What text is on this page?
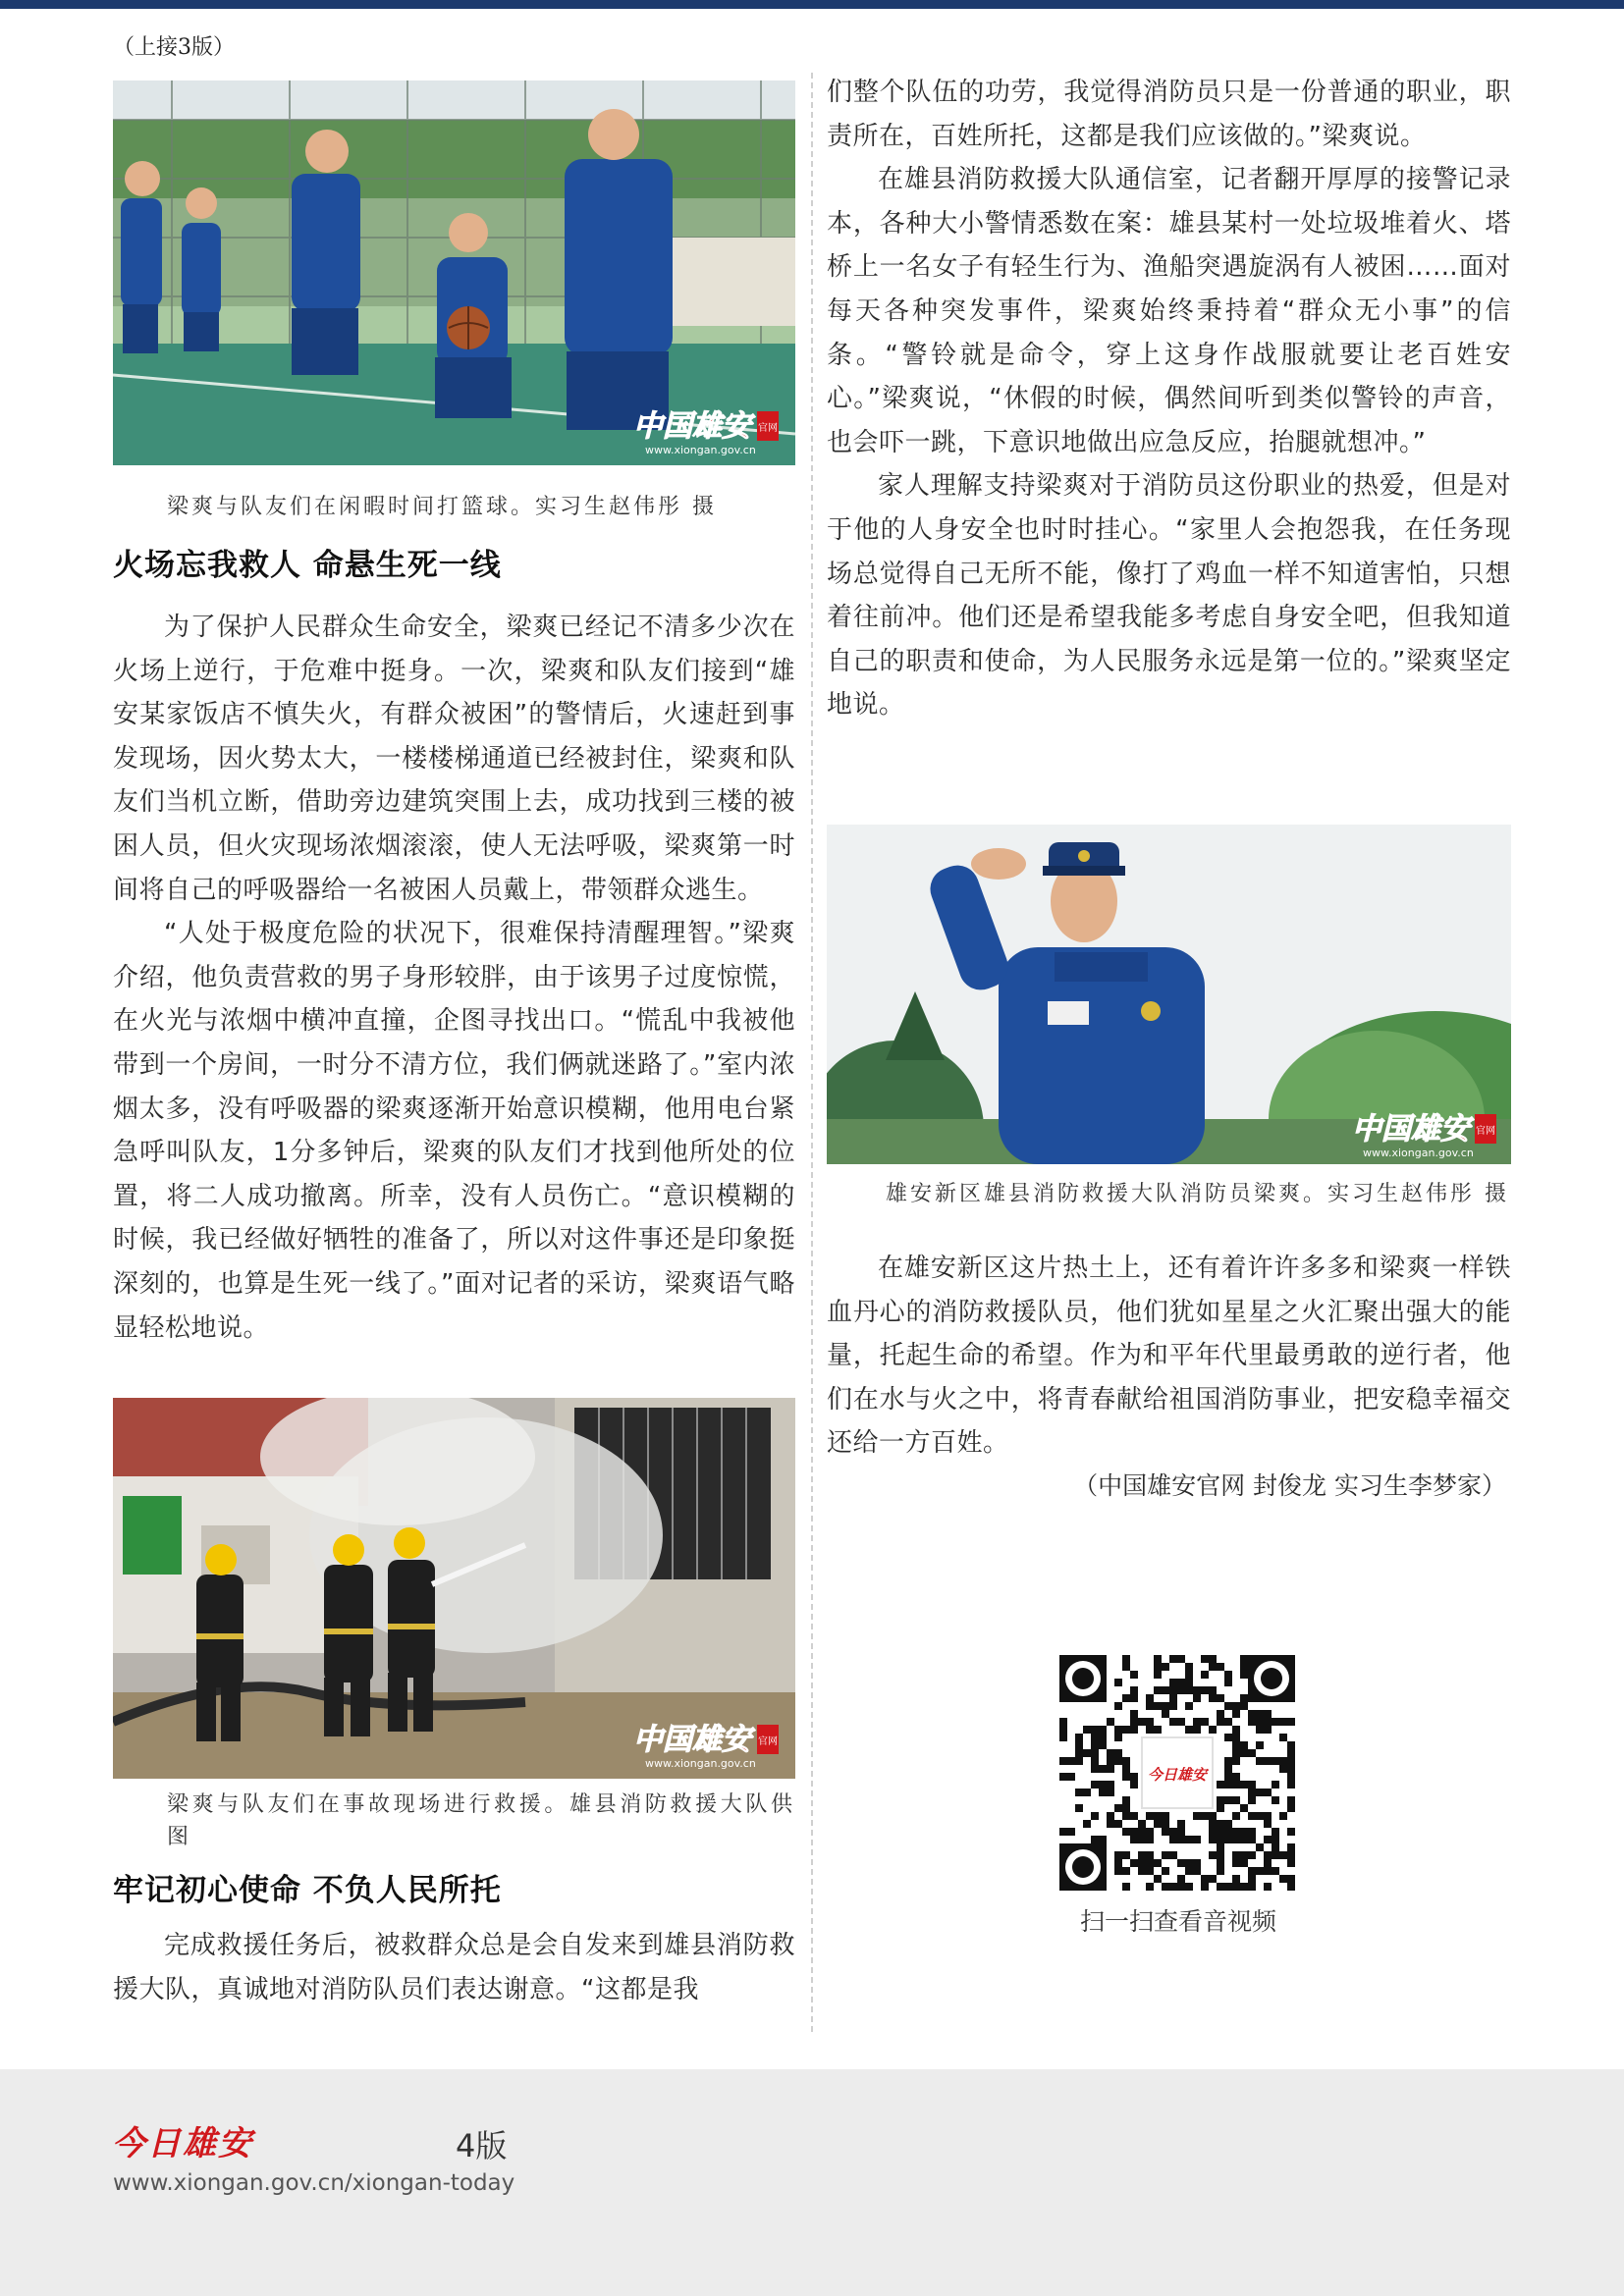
（上接3版）
中国雄安 官网
www.xiongan.gov.cn
梁爽与队友们在闲暇时间打篮球。实习生赵伟彤 摄
火场忘我救人 命悬生死一线

为了保护人民群众生命安全，梁爽已经记不清多少次在火场上逆行，于危难中挺身。一次，梁爽和队友们接到“雄安某家饭店不慎失火，有群众被困”的警情后，火速赶到事发现场，因火势太大，一楼楼梯通道已经被封住，梁爽和队友们当机立断，借助旁边建筑突围上去，成功找到三楼的被困人员，但火灾现场浓烟滚滚，使人无法呼吸，梁爽第一时间将自己的呼吸器给一名被困人员戴上，带领群众逃生。

“人处于极度危险的状况下，很难保持清醒理智。”梁爽介绍，他负责营救的男子身形较胖，由于该男子过度惊慌，在火光与浓烟中横冲直撞，企图寻找出口。“慌乱中我被他带到一个房间，一时分不清方位，我们俩就迷路了。”室内浓烟太多，没有呼吸器的梁爽逐渐开始意识模糊，他用电台紧急呼叫队友，1分多钟后，梁爽的队友们才找到他所处的位置，将二人成功撤离。所幸，没有人员伤亡。“意识模糊的时候，我已经做好牺牲的准备了，所以对这件事还是印象挺深刻的，也算是生死一线了。”面对记者的采访，梁爽语气略显轻松地说。

中国雄安 官网
www.xiongan.gov.cn
梁爽与队友们在事故现场进行救援。雄县消防救援大队供图
牢记初心使命 不负人民所托

完成救援任务后，被救群众总是会自发来到雄县消防救援大队，真诚地对消防队员们表达谢意。“这都是我

们整个队伍的功劳，我觉得消防员只是一份普通的职业，职责所在，百姓所托，这都是我们应该做的。”梁爽说。

在雄县消防救援大队通信室，记者翻开厚厚的接警记录本，各种大小警情悉数在案：雄县某村一处垃圾堆着火、塔桥上一名女子有轻生行为、渔船突遇旋涡有人被困……面对每天各种突发事件，梁爽始终秉持着“群众无小事”的信条。“警铃就是命令，穿上这身作战服就要让老百姓安心。”梁爽说，“休假的时候，偶然间听到类似警铃的声音，也会吓一跳，下意识地做出应急反应，抬腿就想冲。”

家人理解支持梁爽对于消防员这份职业的热爱，但是对于他的人身安全也时时挂心。“家里人会抱怨我，在任务现场总觉得自己无所不能，像打了鸡血一样不知道害怕，只想着往前冲。他们还是希望我能多考虑自身安全吧，但我知道自己的职责和使命，为人民服务永远是第一位的。”梁爽坚定地说。

中国雄安 官网
www.xiongan.gov.cn
雄安新区雄县消防救援大队消防员梁爽。实习生赵伟彤 摄

在雄安新区这片热土上，还有着许许多多和梁爽一样铁血丹心的消防救援队员，他们犹如星星之火汇聚出强大的能量，托起生命的希望。作为和平年代里最勇敢的逆行者，他们在水与火之中，将青春献给祖国消防事业，把安稳幸福交还给一方百姓。

（中国雄安官网 封俊龙 实习生李梦家）
今日雄安
扫一扫查看音视频
今日雄安	4版
www.xiongan.gov.cn/xiongan-today
